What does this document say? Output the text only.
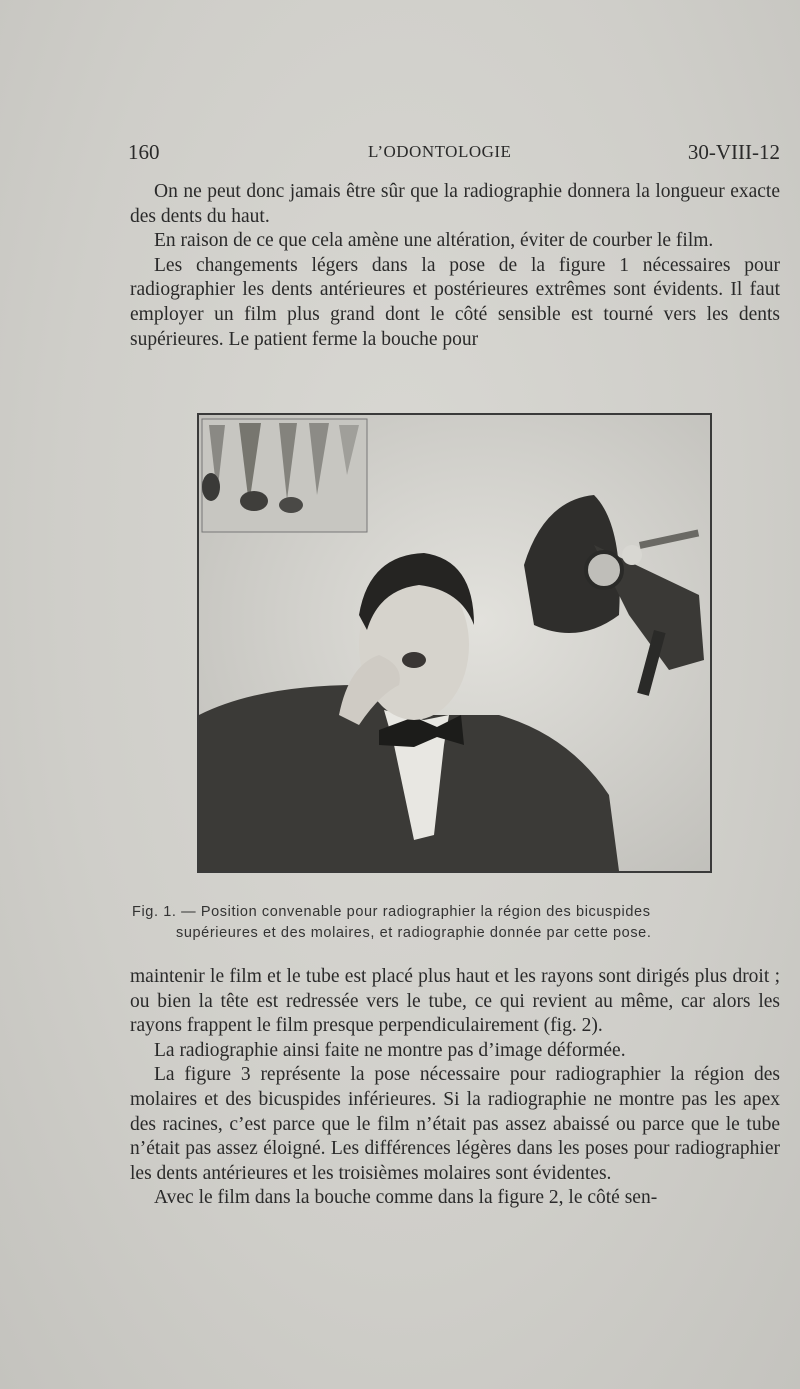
160	L’ODONTOLOGIE	30-VIII-12

On ne peut donc jamais être sûr que la radiographie donnera la longueur exacte des dents du haut.

En raison de ce que cela amène une altération, éviter de courber le film.

Les changements légers dans la pose de la figure 1 nécessaires pour radiographier les dents antérieures et postérieures extrêmes sont évidents. Il faut employer un film plus grand dont le côté sensible est tourné vers les dents supérieures. Le patient ferme la bouche pour

Fig. 1. — Position convenable pour radiographier la région des bicuspides
supérieures et des molaires, et radiographie donnée par cette pose.

maintenir le film et le tube est placé plus haut et les rayons sont dirigés plus droit ; ou bien la tête est redressée vers le tube, ce qui revient au même, car alors les rayons frappent le film presque perpendiculairement (fig. 2).

La radiographie ainsi faite ne montre pas d’image déformée.

La figure 3 représente la pose nécessaire pour radiographier la région des molaires et des bicuspides inférieures. Si la radiographie ne montre pas les apex des racines, c’est parce que le film n’était pas assez abaissé ou parce que le tube n’était pas assez éloigné. Les différences légères dans les poses pour radiographier les dents antérieures et les troisièmes molaires sont évidentes.

Avec le film dans la bouche comme dans la figure 2, le côté sen-
